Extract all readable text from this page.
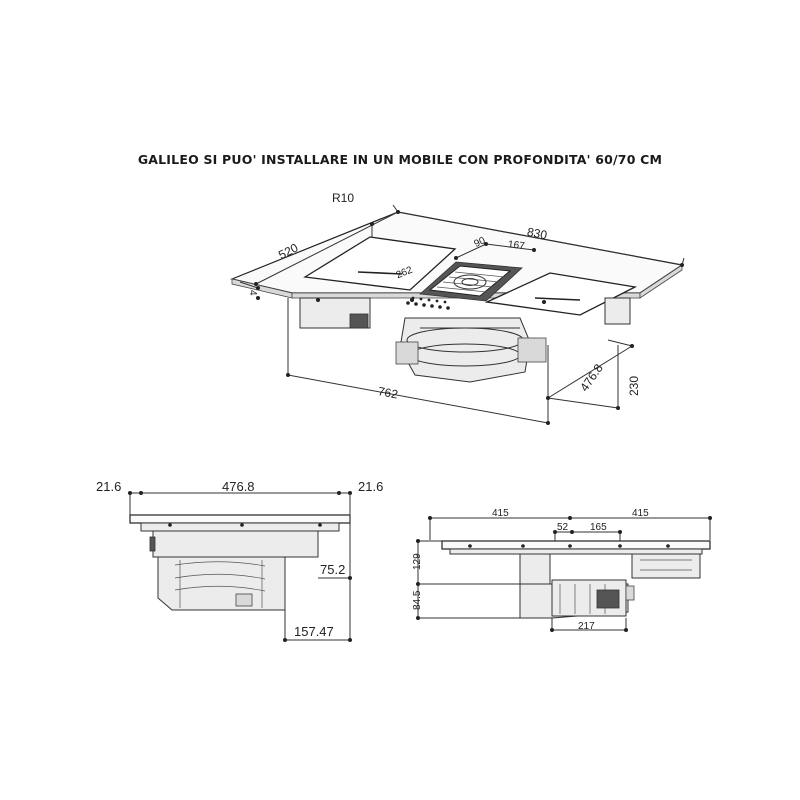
GALILEO SI PUO' INSTALLARE IN UN MOBILE CON PROFONDITA' 60/70 CM
R10
520
830
90 167
262
4
762	476.8 230
21.6	476.8	21.6
75.2
157.47
415	415
52 165
129
84.5
217
